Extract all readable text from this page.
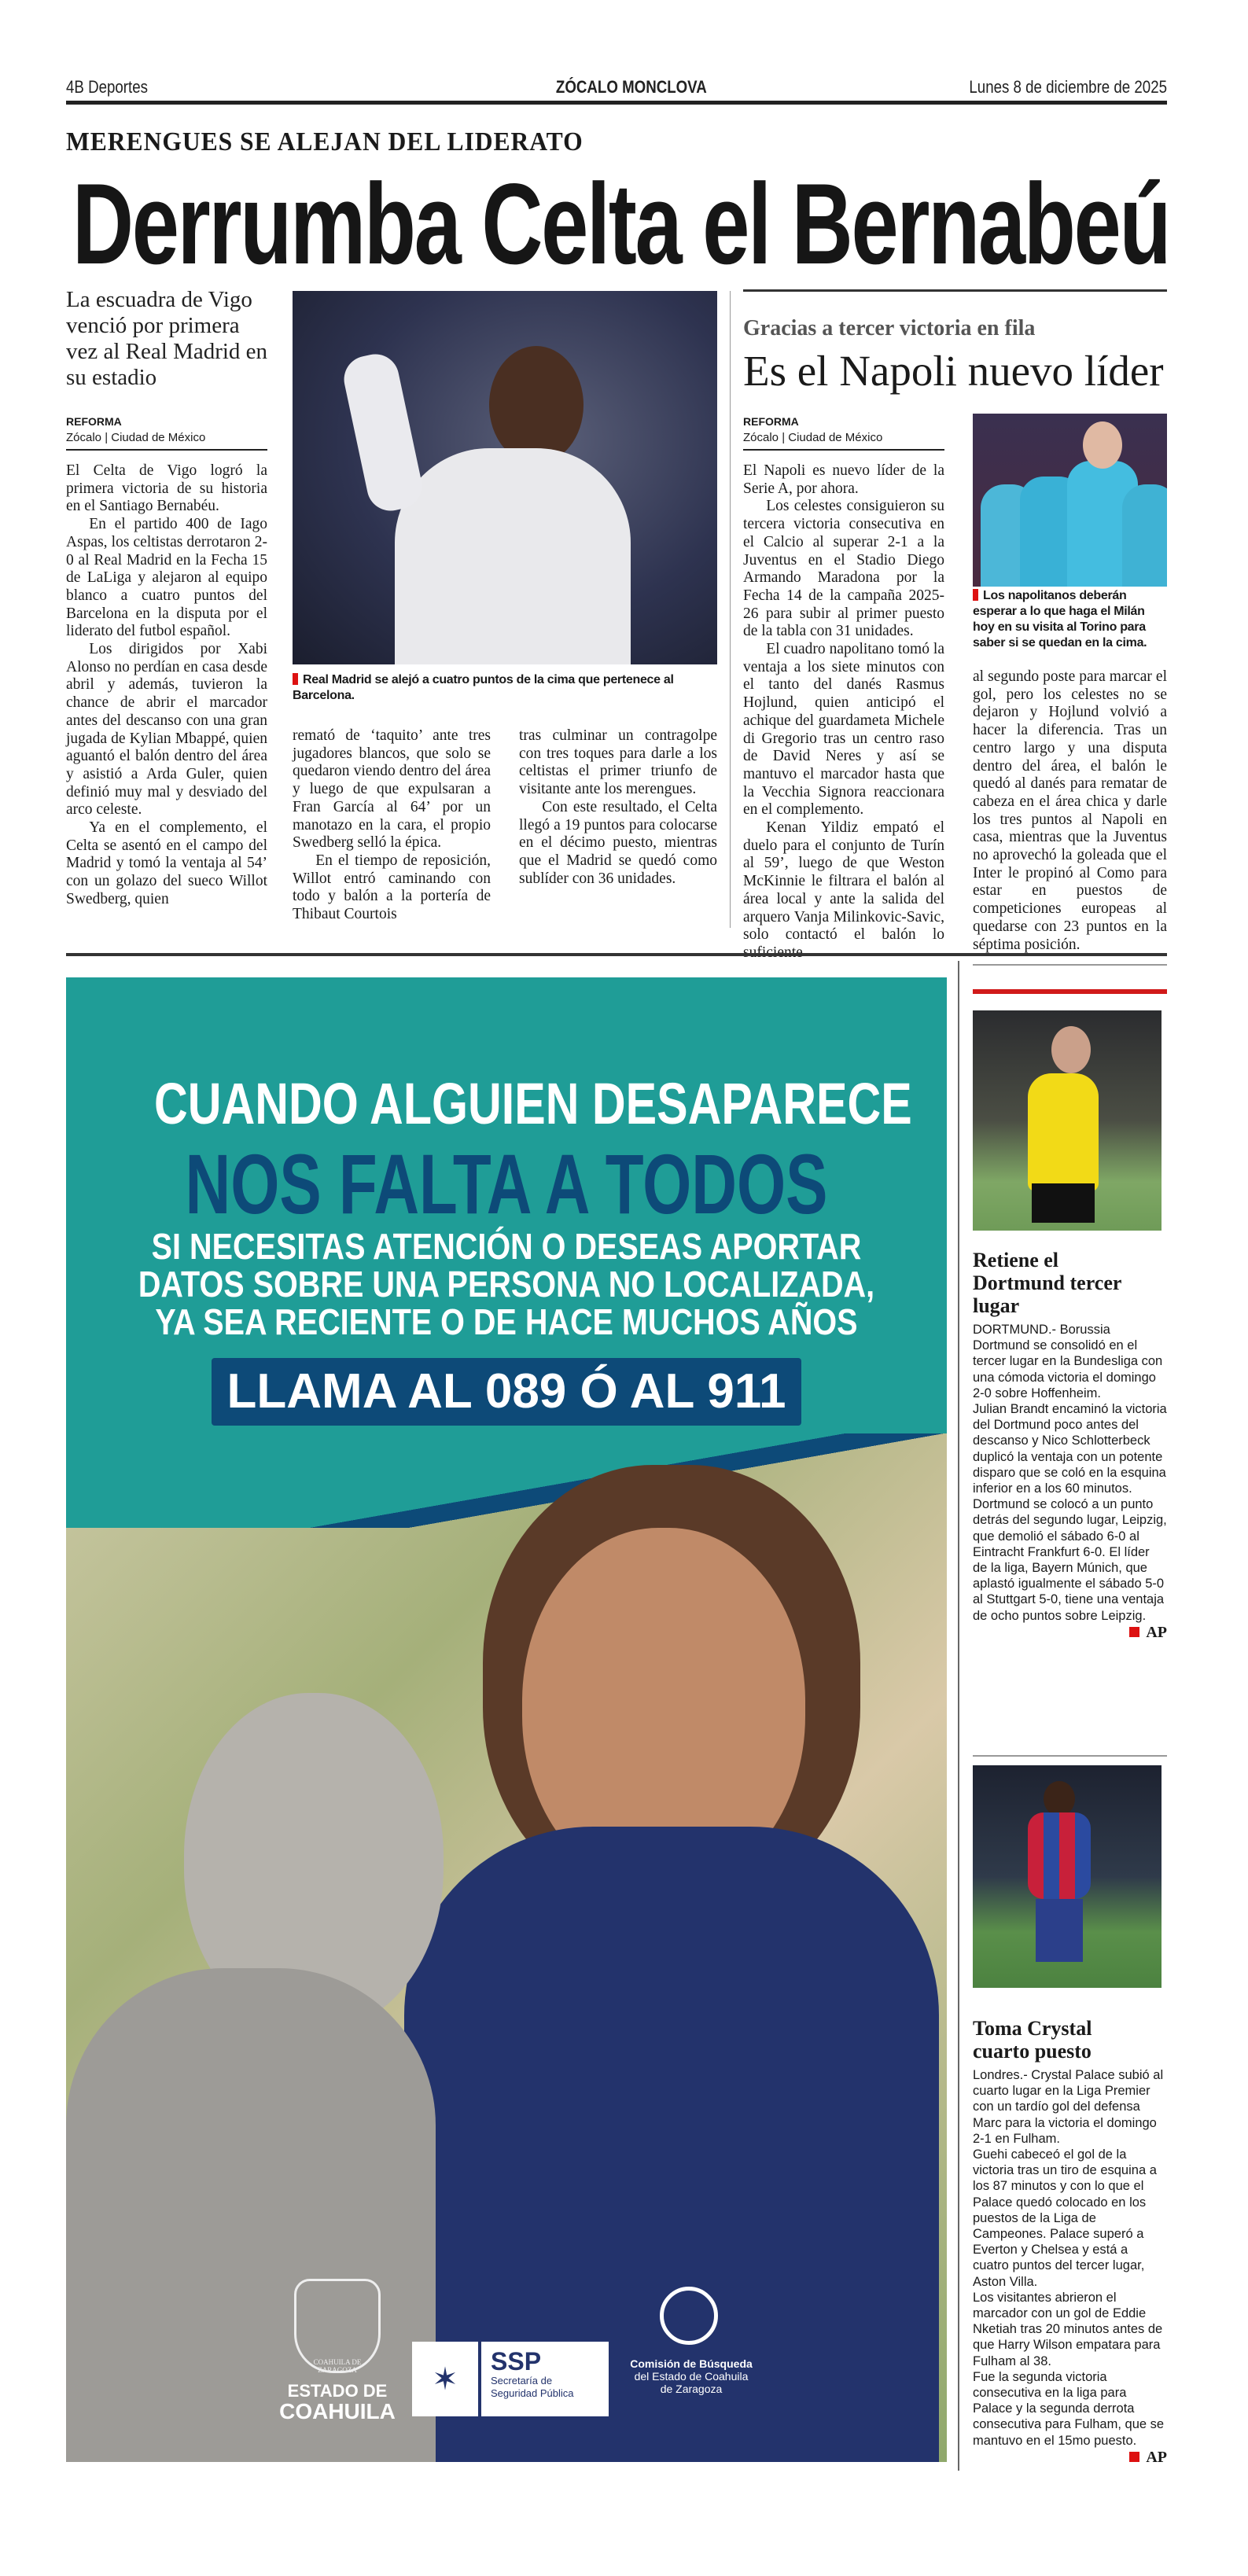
4B Deportes	ZÓCALO MONCLOVA	Lunes 8 de diciembre de 2025
MERENGUES SE ALEJAN DEL LIDERATO
Derrumba Celta el Bernabeú
La escuadra de Vigo venció por primera vez al Real Madrid en su estadio
REFORMA
Zócalo | Ciudad de México

El Celta de Vigo logró la primera victoria de su historia en el Santiago Bernabéu.

En el partido 400 de Iago Aspas, los celtistas derrotaron 2-0 al Real Madrid en la Fecha 15 de LaLiga y alejaron al equipo blanco a cuatro puntos del Barcelona en la disputa por el liderato del futbol español.

Los dirigidos por Xabi Alonso no perdían en casa desde abril y además, tuvieron la chance de abrir el marcador antes del descanso con una gran jugada de Kylian Mbappé, quien aguantó el balón dentro del área y asistió a Arda Guler, quien definió muy mal y desviado del arco celeste.

Ya en el complemento, el Celta se asentó en el campo del Madrid y tomó la ventaja al 54’ con un golazo del sueco Willot Swedberg, quien

Real Madrid se alejó a cuatro puntos de la cima que pertenece al Barcelona.

remató de ‘taquito’ ante tres jugadores blancos, que solo se quedaron viendo dentro del área y luego de que expulsaran a Fran García al 64’ por un manotazo en la cara, el propio Swedberg selló la épica.

En el tiempo de reposición, Willot entró caminando con todo y balón a la portería de Thibaut Courtois

tras culminar un contragolpe con tres toques para darle a los celtistas el primer triunfo de visitante ante los merengues.

Con este resultado, el Celta llegó a 19 puntos para colocarse en el décimo puesto, mientras que el Madrid se quedó como sublíder con 36 unidades.

Gracias a tercer victoria en fila
Es el Napoli nuevo líder
REFORMA
Zócalo | Ciudad de México

El Napoli es nuevo líder de la Serie A, por ahora.

Los celestes consiguieron su tercera victoria consecutiva en el Calcio al superar 2-1 a la Juventus en el Stadio Diego Armando Maradona por la Fecha 14 de la campaña 2025-26 para subir al primer puesto de la tabla con 31 unidades.

El cuadro napolitano tomó la ventaja a los siete minutos con el tanto del danés Rasmus Hojlund, quien anticipó el achique del guardameta Michele di Gregorio tras un centro raso de David Neres y así se mantuvo el marcador hasta que la Vecchia Signora reaccionara en el complemento.

Kenan Yildiz empató el duelo para el conjunto de Turín al 59’, luego de que Weston McKinnie le filtrara el balón al área local y ante la salida del arquero Vanja Milinkovic-Savic, solo contactó el balón lo

Los napolitanos deberán esperar a lo que haga el Milán hoy en su visita al Torino para saber si se quedan en la cima.

al segundo poste para marcar el gol, pero los celestes no se dejaron y Hojlund volvió a hacer la diferencia. Tras un centro largo y una disputa dentro del área, el balón le quedó al danés para rematar de cabeza en el área chica y darle los tres puntos al Napoli en casa, mientras que la Juventus no aprovechó la goleada que el Inter le propinó al Como para estar en puestos de competiciones europeas al quedarse con 23 puntos en la séptima posición.

CUANDO ALGUIEN DESAPARECE
NOS FALTA A TODOS
SI NECESITAS ATENCIÓN O DESEAS APORTAR
DATOS SOBRE UNA PERSONA NO LOCALIZADA,
YA SEA RECIENTE O DE HACE MUCHOS AÑOS
LLAMA AL 089 Ó AL 911
COAHUILA DE ZARAGOZA
ESTADO DE
COAHUILA
✶	SSP
Secretaría de
Seguridad Pública
Comisión de Búsqueda
del Estado de Coahuila
de Zaragoza
Retiene el Dortmund tercer lugar

DORTMUND.- Borussia Dortmund se consolidó en el tercer lugar en la Bundesliga con una cómoda victoria el domingo 2-0 sobre Hoffenheim.

Julian Brandt encaminó la victoria del Dortmund poco antes del descanso y Nico Schlotterbeck duplicó la ventaja con un potente disparo que se coló en la esquina inferior en a los 60 minutos.

Dortmund se colocó a un punto detrás del segundo lugar, Leipzig, que demolió el sábado 6-0 al Eintracht Frankfurt 6-0. El líder de la liga, Bayern Múnich, que aplastó igualmente el sábado 5-0 al Stuttgart 5-0, tiene una ventaja de ocho puntos sobre Leipzig.

AP
Toma Crystal cuarto puesto

Londres.- Crystal Palace subió al cuarto lugar en la Liga Premier con un tardío gol del defensa Marc para la victoria el domingo 2-1 en Fulham.

Guehi cabeceó el gol de la victoria tras un tiro de esquina a los 87 minutos y con lo que el Palace quedó colocado en los puestos de la Liga de Campeones. Palace superó a Everton y Chelsea y está a cuatro puntos del tercer lugar, Aston Villa.

Los visitantes abrieron el marcador con un gol de Eddie Nketiah tras 20 minutos antes de que Harry Wilson empatara para Fulham al 38.

Fue la segunda victoria consecutiva en la liga para Palace y la segunda derrota consecutiva para Fulham, que se mantuvo en el 15mo puesto.

AP
